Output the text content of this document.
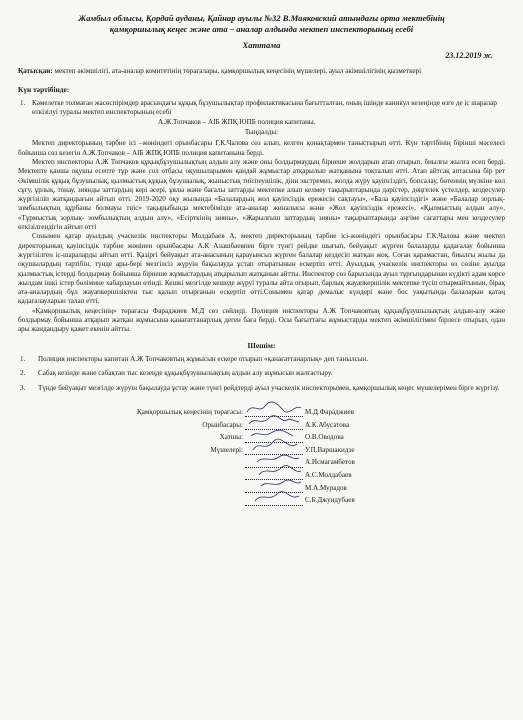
Жамбыл облысы, Қордай ауданы, Қайнар ауылы №32 В.Маяковский атындағы орта мектебінің
қамқоршылық кеңес және ата – аналар алдында мектеп инспекторының есебі
Хаттама
23.12.2019 ж.
Қатысқан: мектеп әкімшілігі, ата-аналар комитетінің төрағалары, қамқоршылық кеңесінің мүшелері, ауыл әкімшілігінің қызметкері
Күн тәртібінде:
1. Кәмелетке толмаған жасөспірімдер арасындағы құқық бұзушылықтар профилактикасына бағытталған, оның ішінде каникул кезеңінде өзге де іс шаралар өткізілуі туралы мектеп инспекторының есебі
А.Ж.Топчаков – АІБ ЖПҚ ЮПБ полиция капитаны.
Тыңдалды:

Мектеп директорының тәрбие ісі –жөніндегі орынбасары Г.К.Чалова сөз алып, келген қонақтармен таныстырып өтті. Күн тәртібінің бірінші мәселесі бойынша сөз кезегін А.Ж.Топчаков – АІБ ЖПҚ ЮПБ полиция капитанына берді.

Мектеп инспекторы А.Ж Топчаков құқықбұзушылықтың алдын алу және оны болдырмаудың бірнеше жолдарын атап отырып, биылғы жылға есеп берді. Мектепте қанша оқушы есепте тұр және сол отбасы оқушыларымен қандай жұмыстар атқарылып жатқанына тоқталып өтті. Атап айтсақ аптасына бір рет Әкімшілік құқық бұзушылық, қылмыстық құқық бұзушылық, жыныстық тиіспеушілік, діни экстремиз, жолда жүру қауіпсіздігі, бопсалау, бөтеннің мүлкіне көл сұғу, ұрлық, тонау, зиянды заттардың кері әсері, ұялы және бағалы заттарды мектепке алып келмеу тақырыптарында дәрістер, дөңгелек үстелдер, кездесулер жүргізіліп жатқандығын айтып өтті. 2019-2020 оқу жылында «Балалардың жол қауіпсіздік ережесін сақтауы», «Бала қауіпсіздігі» және «Балалар зорлық-зомбылықтың құрбаны болмауы тиіс» тақырыбында мектебімізде ата-аналар жиналысы және «Жол қауіпсіздік ережесі», «Қылмыстың алдын алу», «Тұрмыстық зорлық- зомбылықтың алдын алу», «Есірткінің зияны», «Жарылғыш заттардың зияны» тақырыптарында әңгіме сағаттары мен кездесулер өткізілгендігін айтып өтті

Сонымен қатар ауылдың учаскелік инспекторы Молдабаев А, мектеп директорының тәрбие ісі-жөніндегі орынбасары Г.К.Чалова және мектеп директорының қауіпсіздік тәрбие жөнінен орынбасары А.К Алашбаевпен бірге түнгі рейдке шығып, бейуақыт жүрген балаларды қадағалау бойынша жүргізілген іс-шараларды айтып өтті. Қазіргі бейуақыт ата-анасының қарауынсыз жүрген балалар кездесіп жатқан жоқ. Соған қарамастан, биылғы жылы да оқушылардың тәртібін, түнде ары-бері мезгілсіз жүруін бақылауда ұстап отыратынын ескертіп өтті. Ауылдық учаскелік инспекторы өз сөзіне ауылда қылмыстық істерді болдырмау бойынша бірнеше жұмыстардың атқарылып жатқанын айтты. Инспектор сөз барысында ауыл тұрғындарынан күдікті адам көрсе жылдам ішкі істер бөлімине хабарлауын өтінді. Кешкі мезгілде кешеде жүруі туралы айта отырып, барлық жауапкершілік мектепке түсіп отырмайтынын, бірақ ата-аналардың бұл жауапкершіліктен тыс қалып отырғанын ескертіп өтті.Сонымен қатар демалыс күндері және бос уақытында балаларын қатаң қадағалауларын талап етті.

«Қамқоршылық кеңесінің» төрағасы Фараджиев М.Д сөз сөйледі. Полиция инспекторы А.Ж Топчаковтың құқықбұзушылықтың алдын-алу және болдырмау бойынша атқарып жатқан жұмысына қанағаттанарлық деген баға берді. Осы бағыттағы жұмыстарды мектеп әкімшілігімен бірлесе отырып, одан ары жандандыру қажет екенін айтты.

Шешім:
1. Полиция инспекторы капитан А.Ж Топчаковтың жұмысын ескере отырып «қанағаттанарлық» деп танылсын.
2. Сабақ кезінде және сабақтан тыс кезеңде құқықбұзушылықтың алдын алу жұмысын жалғастыру.
3. Түнде бейуақыт мезгілде жүруін бақылауда ұстау және түнгі рейдтерді ауыл учаскелік инспекторымен, қамқоршылық кеңес мүшелерімен бірге жүргізу.
Қамқоршылық кеңесінің төрағасы:	М.Д.Фараджиев
Орынбасары:	А.К.Абусатова
Хатшы:	О.В.Оводова
Мүшелері:	У.П.Варшакидзе
А.Исмагамбетов
А.С.Молдабаев
М.А.Мурадов
С.Б.Джундубаев
